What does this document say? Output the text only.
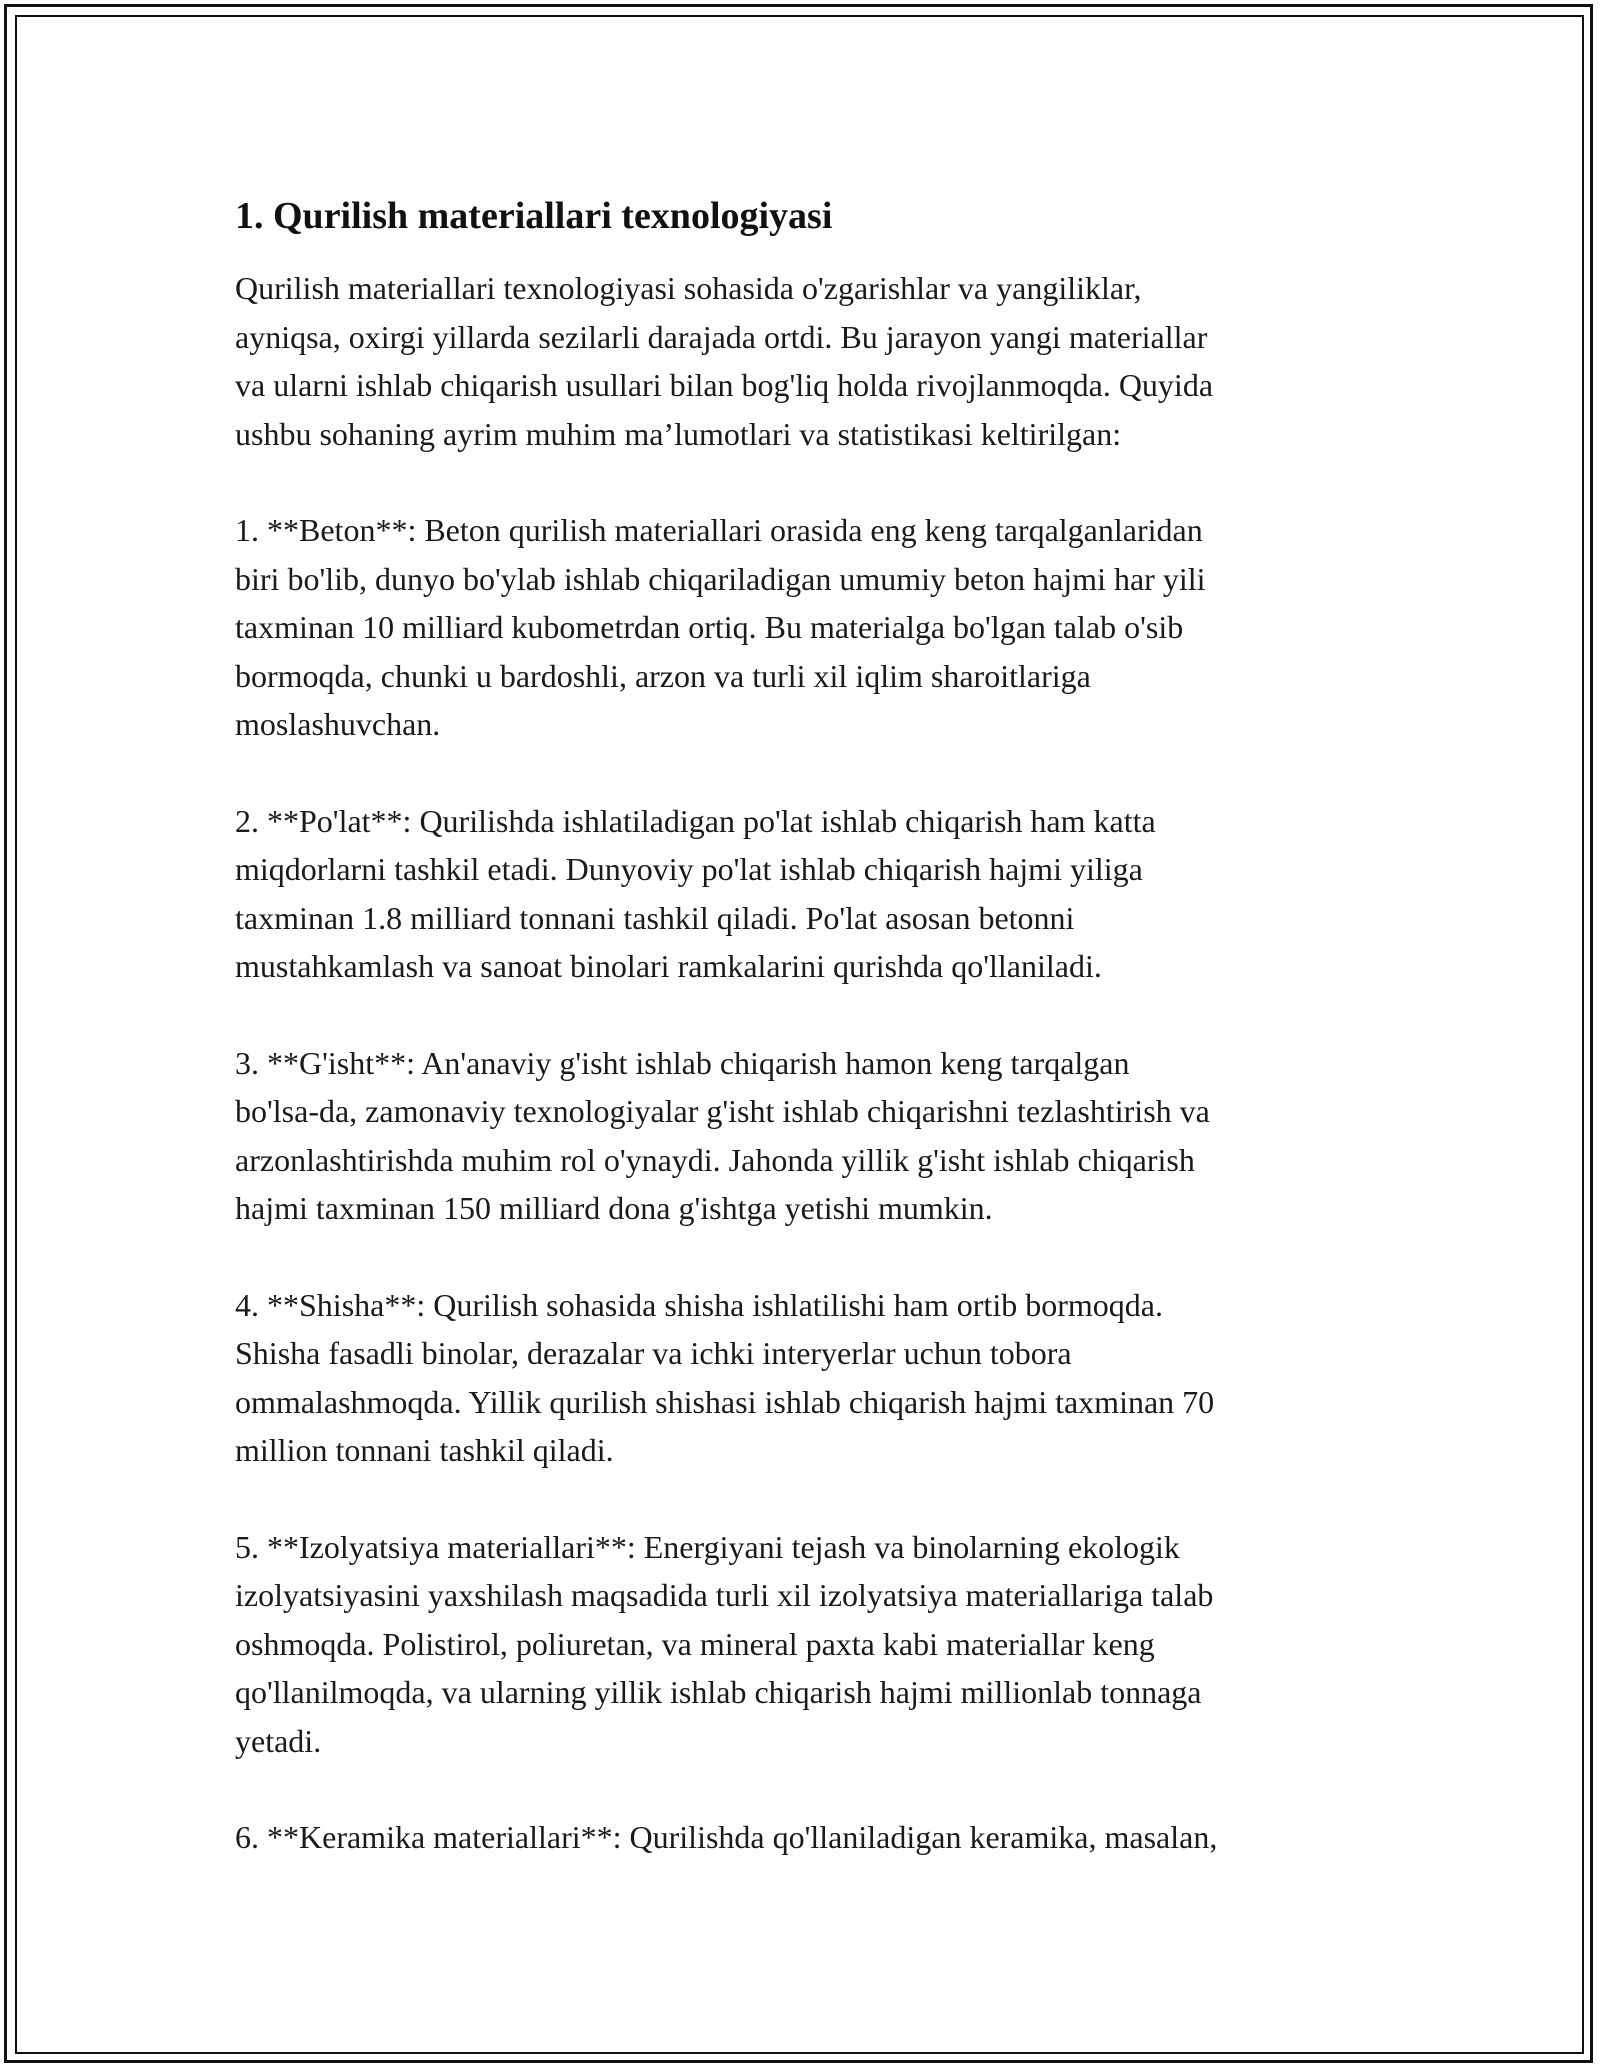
1. Qurilish materiallari texnologiyasi

Qurilish materiallari texnologiyasi sohasida o'zgarishlar va yangiliklar,
ayniqsa, oxirgi yillarda sezilarli darajada ortdi. Bu jarayon yangi materiallar
va ularni ishlab chiqarish usullari bilan bog'liq holda rivojlanmoqda. Quyida
ushbu sohaning ayrim muhim ma’lumotlari va statistikasi keltirilgan:

1. **Beton**: Beton qurilish materiallari orasida eng keng tarqalganlaridan
biri bo'lib, dunyo bo'ylab ishlab chiqariladigan umumiy beton hajmi har yili
taxminan 10 milliard kubometrdan ortiq. Bu materialga bo'lgan talab o'sib
bormoqda, chunki u bardoshli, arzon va turli xil iqlim sharoitlariga
moslashuvchan.

2. **Po'lat**: Qurilishda ishlatiladigan po'lat ishlab chiqarish ham katta
miqdorlarni tashkil etadi. Dunyoviy po'lat ishlab chiqarish hajmi yiliga
taxminan 1.8 milliard tonnani tashkil qiladi. Po'lat asosan betonni
mustahkamlash va sanoat binolari ramkalarini qurishda qo'llaniladi.

3. **G'isht**: An'anaviy g'isht ishlab chiqarish hamon keng tarqalgan
bo'lsa-da, zamonaviy texnologiyalar g'isht ishlab chiqarishni tezlashtirish va
arzonlashtirishda muhim rol o'ynaydi. Jahonda yillik g'isht ishlab chiqarish
hajmi taxminan 150 milliard dona g'ishtga yetishi mumkin.

4. **Shisha**: Qurilish sohasida shisha ishlatilishi ham ortib bormoqda.
Shisha fasadli binolar, derazalar va ichki interyerlar uchun tobora
ommalashmoqda. Yillik qurilish shishasi ishlab chiqarish hajmi taxminan 70
million tonnani tashkil qiladi.

5. **Izolyatsiya materiallari**: Energiyani tejash va binolarning ekologik
izolyatsiyasini yaxshilash maqsadida turli xil izolyatsiya materiallariga talab
oshmoqda. Polistirol, poliuretan, va mineral paxta kabi materiallar keng
qo'llanilmoqda, va ularning yillik ishlab chiqarish hajmi millionlab tonnaga
yetadi.

6. **Keramika materiallari**: Qurilishda qo'llaniladigan keramika, masalan,
